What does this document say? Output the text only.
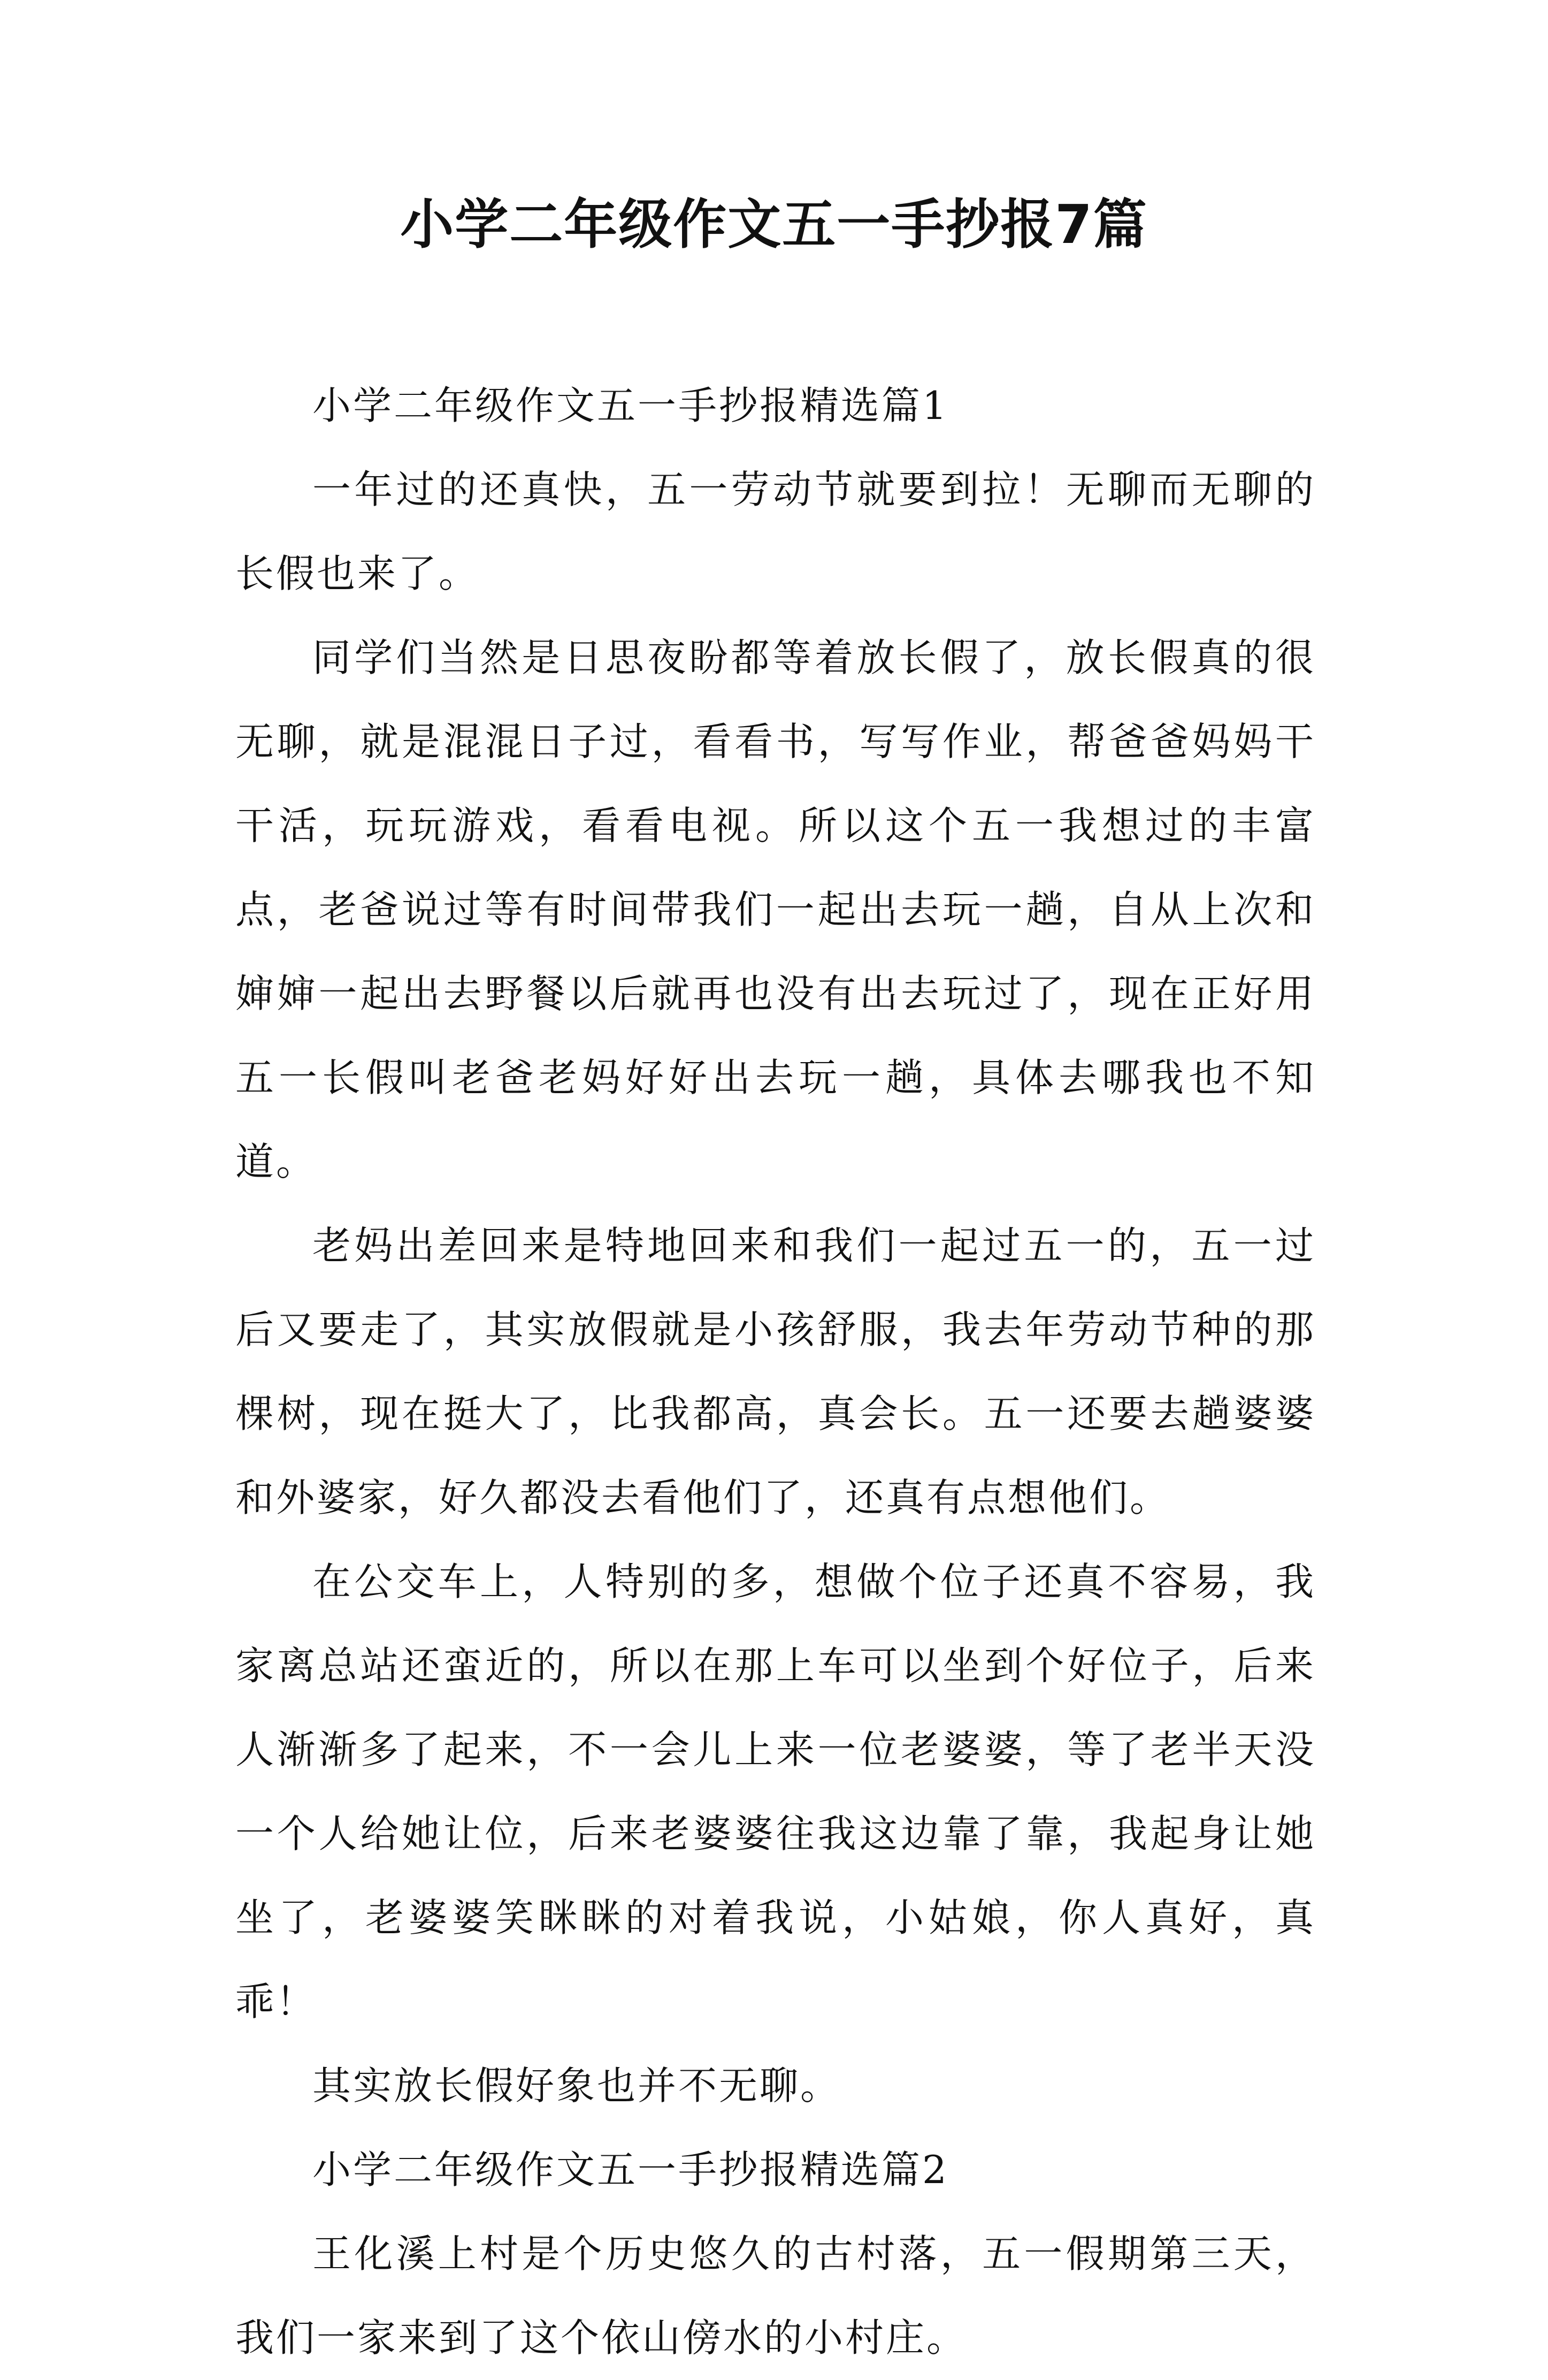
小学二年级作文五一手抄报7篇

小学二年级作文五一手抄报精选篇1

一年过的还真快，五一劳动节就要到拉！无聊而无聊的长假也来了。

同学们当然是日思夜盼都等着放长假了，放长假真的很无聊，就是混混日子过，看看书，写写作业，帮爸爸妈妈干干活，玩玩游戏，看看电视。所以这个五一我想过的丰富点，老爸说过等有时间带我们一起出去玩一趟，自从上次和婶婶一起出去野餐以后就再也没有出去玩过了，现在正好用五一长假叫老爸老妈好好出去玩一趟，具体去哪我也不知道。

老妈出差回来是特地回来和我们一起过五一的，五一过后又要走了，其实放假就是小孩舒服，我去年劳动节种的那棵树，现在挺大了，比我都高，真会长。五一还要去趟婆婆和外婆家，好久都没去看他们了，还真有点想他们。

在公交车上，人特别的多，想做个位子还真不容易，我家离总站还蛮近的，所以在那上车可以坐到个好位子，后来人渐渐多了起来，不一会儿上来一位老婆婆，等了老半天没一个人给她让位，后来老婆婆往我这边靠了靠，我起身让她坐了，老婆婆笑眯眯的对着我说，小姑娘，你人真好，真乖！

其实放长假好象也并不无聊。

小学二年级作文五一手抄报精选篇2

王化溪上村是个历史悠久的古村落，五一假期第三天，我们一家来到了这个依山傍水的小村庄。
